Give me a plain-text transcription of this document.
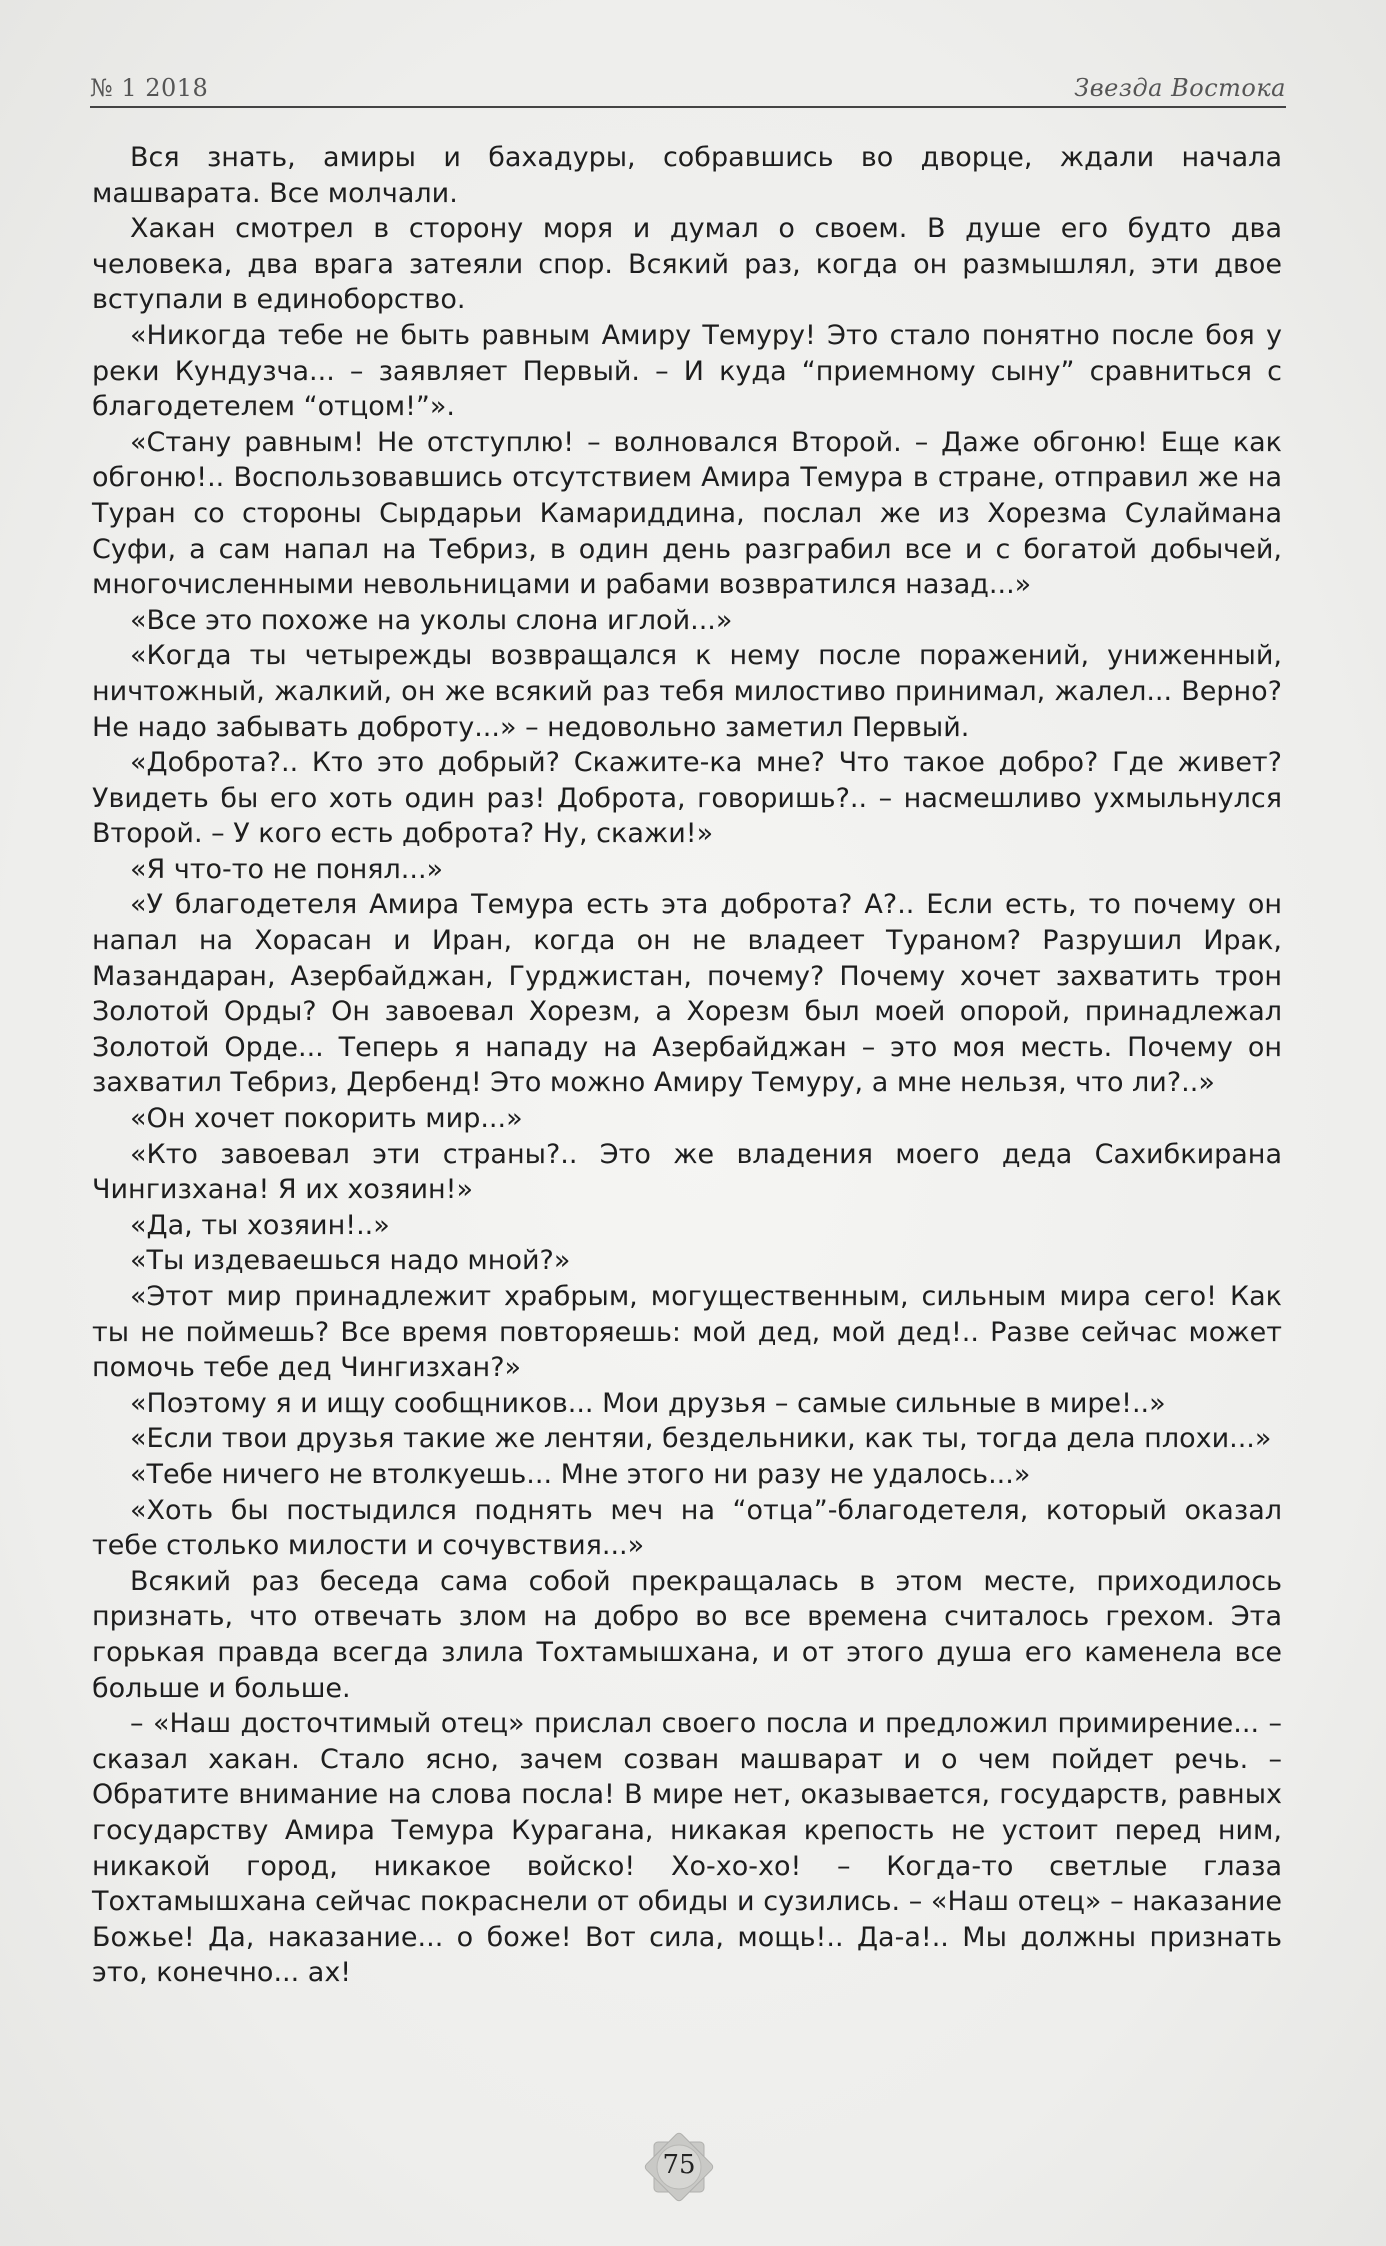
№ 1 2018	Звезда Востока

Вся знать, амиры и бахадуры, собравшись во дворце, ждали начала машварата. Все молчали.

Хакан смотрел в сторону моря и думал о своем. В душе его будто два человека, два врага затеяли спор. Всякий раз, когда он размышлял, эти двое вступали в единоборство.

«Никогда тебе не быть равным Амиру Темуру! Это стало понятно после боя у реки Кундузча... – заявляет Первый. – И куда “приемному сыну” сравниться с благодетелем “отцом!”».

«Стану равным! Не отступлю! – волновался Второй. – Даже обгоню! Еще как обгоню!.. Воспользовавшись отсутствием Амира Темура в стране, отправил же на Туран со стороны Сырдарьи Камариддина, послал же из Хорезма Сулаймана Суфи, а сам напал на Тебриз, в один день разграбил все и с богатой добычей, многочисленными невольницами и рабами возвратился назад...»

«Все это похоже на уколы слона иглой...»

«Когда ты четырежды возвращался к нему после поражений, униженный, ничтожный, жалкий, он же всякий раз тебя милостиво принимал, жалел... Верно? Не надо забывать доброту...» – недовольно заметил Первый.

«Доброта?.. Кто это добрый? Скажите-ка мне? Что такое добро? Где живет? Увидеть бы его хоть один раз! Доброта, говоришь?.. – насмешливо ухмыльнулся Второй. – У кого есть доброта? Ну, скажи!»

«Я что-то не понял...»

«У благодетеля Амира Темура есть эта доброта? А?.. Если есть, то почему он напал на Хорасан и Иран, когда он не владеет Тураном? Разрушил Ирак, Мазандаран, Азербайджан, Гурджистан, почему? Почему хочет захватить трон Золотой Орды? Он завоевал Хорезм, а Хорезм был моей опорой, принадлежал Золотой Орде... Теперь я нападу на Азербайджан – это моя месть. Почему он захватил Тебриз, Дербенд! Это можно Амиру Темуру, а мне нельзя, что ли?..»

«Он хочет покорить мир...»

«Кто завоевал эти страны?.. Это же владения моего деда Сахибкирана Чингизхана! Я их хозяин!»

«Да, ты хозяин!..»

«Ты издеваешься надо мной?»

«Этот мир принадлежит храбрым, могущественным, сильным мира сего! Как ты не поймешь? Все время повторяешь: мой дед, мой дед!.. Разве сейчас может помочь тебе дед Чингизхан?»

«Поэтому я и ищу сообщников... Мои друзья – самые сильные в мире!..»

«Если твои друзья такие же лентяи, бездельники, как ты, тогда дела плохи...»

«Тебе ничего не втолкуешь... Мне этого ни разу не удалось...»

«Хоть бы постыдился поднять меч на “отца”-благодетеля, который оказал тебе столько милости и сочувствия...»

Всякий раз беседа сама собой прекращалась в этом месте, приходилось признать, что отвечать злом на добро во все времена считалось грехом. Эта горькая правда всегда злила Тохтамышхана, и от этого душа его каменела все больше и больше.

– «Наш досточтимый отец» прислал своего посла и предложил примирение... – сказал хакан. Стало ясно, зачем созван машварат и о чем пойдет речь. – Обратите внимание на слова посла! В мире нет, оказывается, государств, равных государству Амира Темура Курагана, никакая крепость не устоит перед ним, никакой город, никакое войско! Хо-хо-хо! – Когда-то светлые глаза Тохтамышхана сейчас покраснели от обиды и сузились. – «Наш отец» – наказание Божье! Да, наказание... о боже! Вот сила, мощь!.. Да-а!.. Мы должны признать это, конечно... ах!

75
